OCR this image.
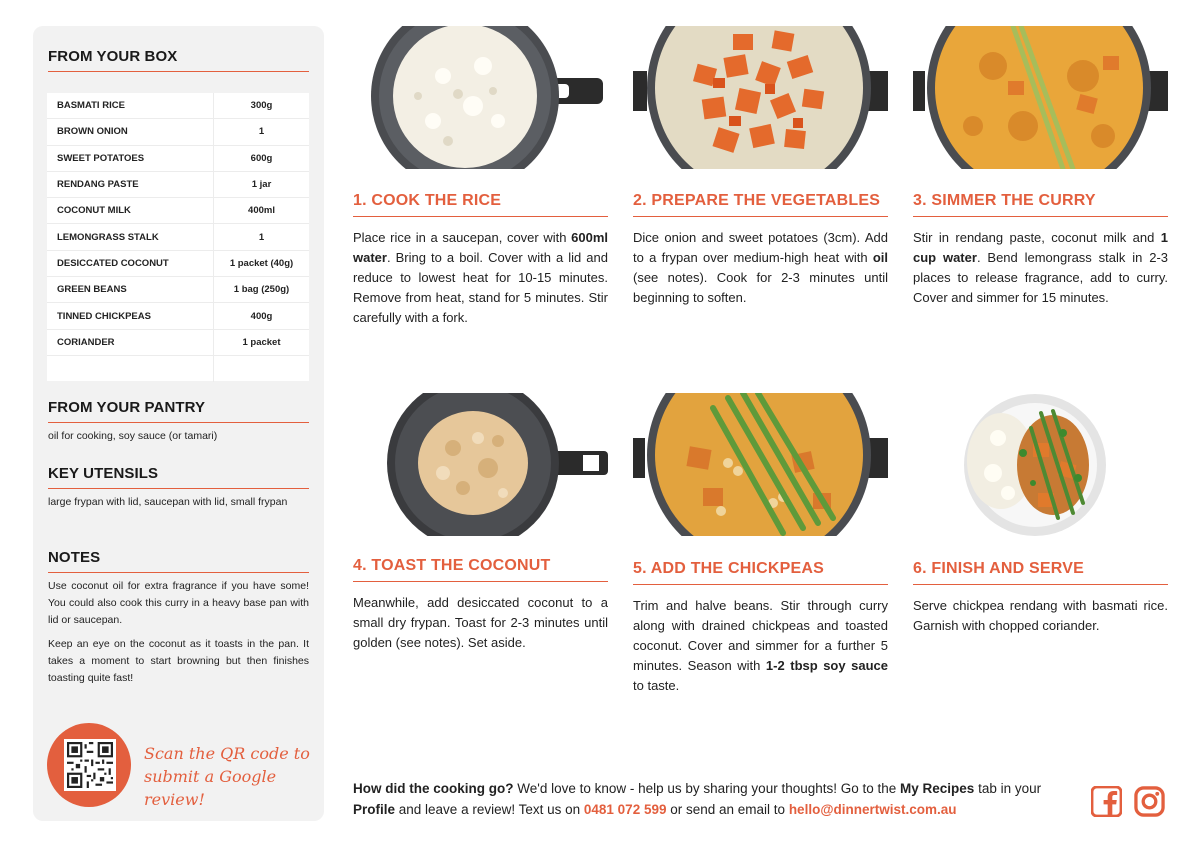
FROM YOUR BOX
BASMATI RICE	300g
BROWN ONION	1
SWEET POTATOES	600g
RENDANG PASTE	1 jar
COCONUT MILK	400ml
LEMONGRASS STALK	1
DESICCATED COCONUT	1 packet (40g)
GREEN BEANS	1 bag (250g)
TINNED CHICKPEAS	400g
CORIANDER	1 packet
FROM YOUR PANTRY
oil for cooking, soy sauce (or tamari)
KEY UTENSILS
large frypan with lid, saucepan with lid, small frypan
NOTES
Use coconut oil for extra fragrance if you have some! You could also cook this curry in a heavy base pan with lid or saucepan.
Keep an eye on the coconut as it toasts in the pan. It takes a moment to start browning but then finishes toasting quite fast!
Scan the QR code to
submit a Google review!
1. COOK THE RICE
Place rice in a saucepan, cover with 600ml water. Bring to a boil. Cover with a lid and reduce to lowest heat for 10-15 minutes. Remove from heat, stand for 5 minutes. Stir carefully with a fork.
2. PREPARE THE VEGETABLES
Dice onion and sweet potatoes (3cm). Add to a frypan over medium-high heat with oil (see notes). Cook for 2-3 minutes until beginning to soften.
3. SIMMER THE CURRY
Stir in rendang paste, coconut milk and 1 cup water. Bend lemongrass stalk in 2-3 places to release fragrance, add to curry. Cover and simmer for 15 minutes.
4. TOAST THE COCONUT
Meanwhile, add desiccated coconut to a small dry frypan. Toast for 2-3 minutes until golden (see notes). Set aside.
5. ADD THE CHICKPEAS
Trim and halve beans. Stir through curry along with drained chickpeas and toasted coconut. Cover and simmer for a further 5 minutes. Season with 1-2 tbsp soy sauce to taste.
6. FINISH AND SERVE
Serve chickpea rendang with basmati rice. Garnish with chopped coriander.
How did the cooking go? We'd love to know - help us by sharing your thoughts! Go to the My Recipes tab in your Profile and leave a review! Text us on 0481 072 599 or send an email to hello@dinnertwist.com.au
